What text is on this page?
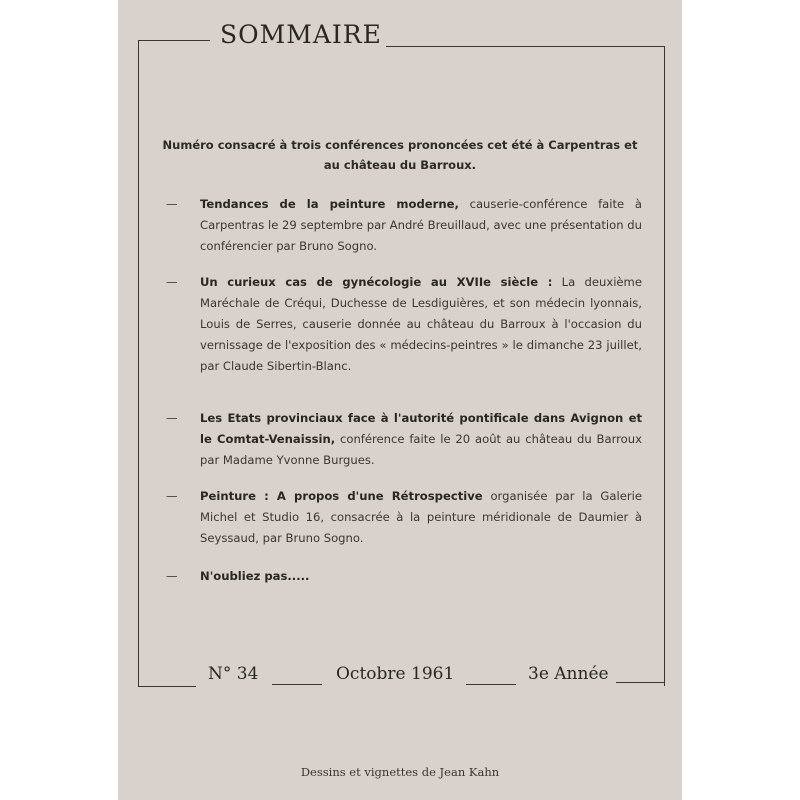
SOMMAIRE
Numéro consacré à trois conférences prononcées cet été à Carpentras et au château du Barroux.
— Tendances de la peinture moderne, causerie-conférence faite à Carpentras le 29 septembre par André Breuillaud, avec une présentation du conférencier par Bruno Sogno.
— Un curieux cas de gynécologie au XVIIe siècle : La deuxième Maréchale de Créqui, Duchesse de Lesdiguières, et son médecin lyonnais, Louis de Serres, causerie donnée au château du Barroux à l'occasion du vernissage de l'exposition des « médecins-peintres » le dimanche 23 juillet, par Claude Sibertin-Blanc.
— Les Etats provinciaux face à l'autorité pontificale dans Avignon et le Comtat-Venaissin, conférence faite le 20 août au château du Barroux par Madame Yvonne Burgues.
— Peinture : A propos d'une Rétrospective organisée par la Galerie Michel et Studio 16, consacrée à la peinture méridionale de Daumier à Seyssaud, par Bruno Sogno.
— N'oubliez pas.....
N° 34	Octobre 1961	3e Année
Dessins et vignettes de Jean Kahn
